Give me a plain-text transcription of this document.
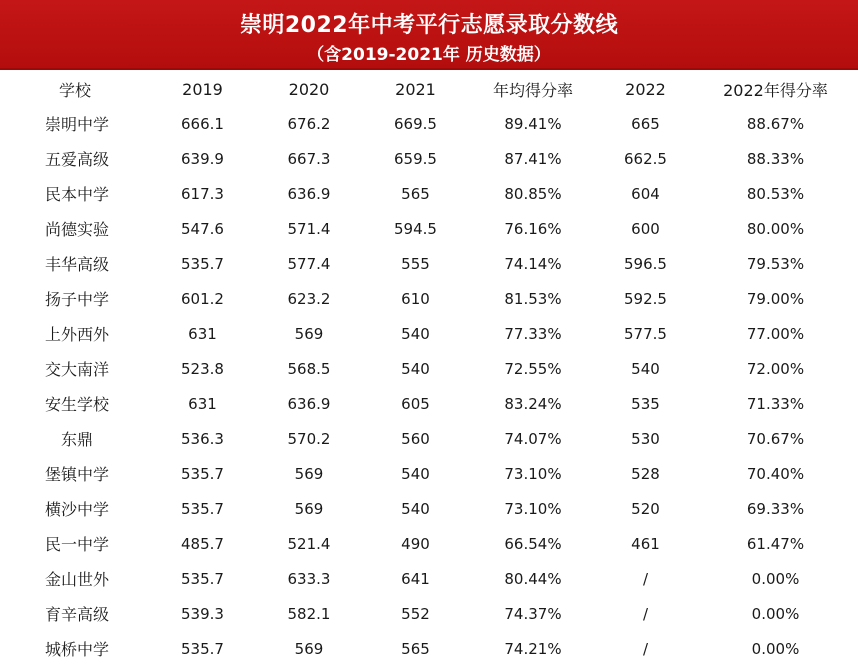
崇明2022年中考平行志愿录取分数线
（含2019-2021年 历史数据）
学校	2019	2020	2021	年均得分率	2022	2022年得分率
崇明中学	666.1	676.2	669.5	89.41%	665	88.67%
五爱高级	639.9	667.3	659.5	87.41%	662.5	88.33%
民本中学	617.3	636.9	565	80.85%	604	80.53%
尚德实验	547.6	571.4	594.5	76.16%	600	80.00%
丰华高级	535.7	577.4	555	74.14%	596.5	79.53%
扬子中学	601.2	623.2	610	81.53%	592.5	79.00%
上外西外	631	569	540	77.33%	577.5	77.00%
交大南洋	523.8	568.5	540	72.55%	540	72.00%
安生学校	631	636.9	605	83.24%	535	71.33%
东鼎	536.3	570.2	560	74.07%	530	70.67%
堡镇中学	535.7	569	540	73.10%	528	70.40%
横沙中学	535.7	569	540	73.10%	520	69.33%
民一中学	485.7	521.4	490	66.54%	461	61.47%
金山世外	535.7	633.3	641	80.44%	/	0.00%
育辛高级	539.3	582.1	552	74.37%	/	0.00%
城桥中学	535.7	569	565	74.21%	/	0.00%
